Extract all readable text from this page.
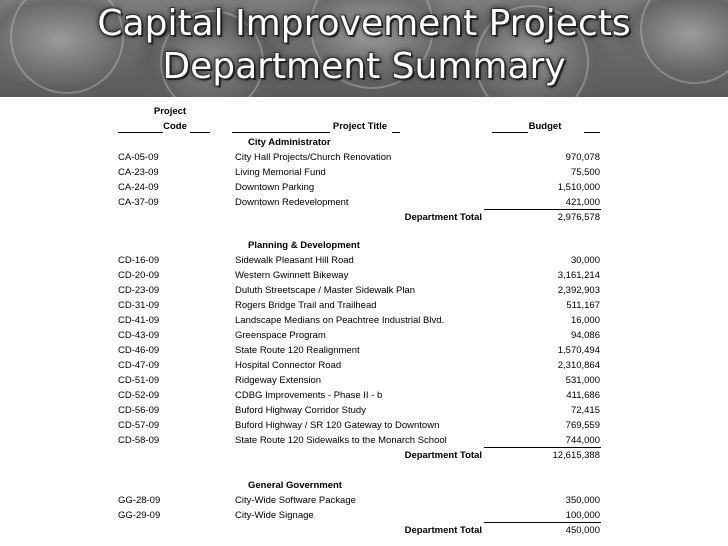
Capital Improvement Projects
Department Summary
Project
Code	Project Title	Budget
City Administrator
CA-05-09	City Hall Projects/Church Renovation	970,078
CA-23-09	Living Memorial Fund	75,500
CA-24-09	Downtown Parking	1,510,000
CA-37-09	Downtown Redevelopment	421,000
Department Total	2,976,578
Planning & Development
CD-16-09	Sidewalk Pleasant Hill Road	30,000
CD-20-09	Western Gwinnett Bikeway	3,161,214
CD-23-09	Duluth Streetscape / Master Sidewalk Plan	2,392,903
CD-31-09	Rogers Bridge Trail and Trailhead	511,167
CD-41-09	Landscape Medians on Peachtree Industrial Blvd.	16,000
CD-43-09	Greenspace Program	94,086
CD-46-09	State Route 120 Realignment	1,570,494
CD-47-09	Hospital Connector Road	2,310,864
CD-51-09	Ridgeway Extension	531,000
CD-52-09	CDBG Improvements - Phase II - b	411,686
CD-56-09	Buford Highway Corridor Study	72,415
CD-57-09	Buford Highway / SR 120 Gateway to Downtown	769,559
CD-58-09	State Route 120 Sidewalks to the Monarch School	744,000
Department Total	12,615,388
General Government
GG-28-09	City-Wide Software Package	350,000
GG-29-09	City-Wide Signage	100,000
Department Total	450,000
